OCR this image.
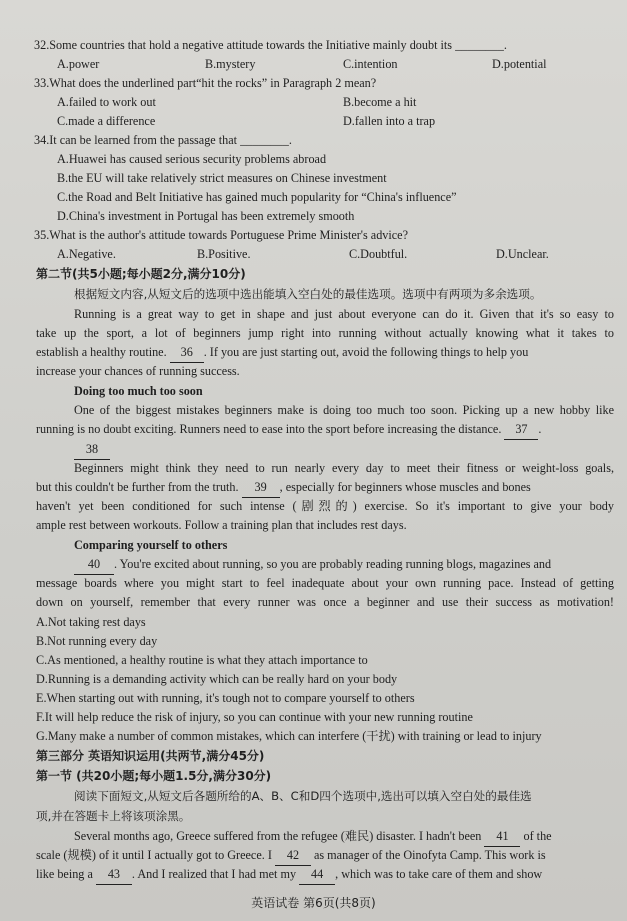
32.Some countries that hold a negative attitude towards the Initiative mainly doubt its ________.
A.power	B.mystery	C.intention	D.potential
33.What does the underlined part“hit the rocks” in Paragraph 2 mean?
A.failed to work out	B.become a hit
C.made a difference	D.fallen into a trap
34.It can be learned from the passage that ________.
A.Huawei has caused serious security problems abroad
B.the EU will take relatively strict measures on Chinese investment
C.the Road and Belt Initiative has gained much popularity for “China's influence”
D.China's investment in Portugal has been extremely smooth
35.What is the author's attitude towards Portuguese Prime Minister's advice?
A.Negative.	B.Positive.	C.Doubtful.	D.Unclear.
第二节(共5小题;每小题2分,满分10分)
根据短文内容,从短文后的选项中选出能填入空白处的最佳选项。选项中有两项为多余选项。
Running is a great way to get in shape and just about everyone can do it. Given that it's so easy to
take up the sport, a lot of beginners jump right into running without actually knowing what it takes to
establish a healthy routine. 36 . If you are just starting out, avoid the following things to help you
increase your chances of running success.
Doing too much too soon
One of the biggest mistakes beginners make is doing too much too soon. Picking up a new hobby like
running is no doubt exciting. Runners need to ease into the sport before increasing the distance. 37 .
38
Beginners might think they need to run nearly every day to meet their fitness or weight-loss goals,
but this couldn't be further from the truth. 39 , especially for beginners whose muscles and bones
haven't yet been conditioned for such intense (剧烈的) exercise. So it's important to give your body
ample rest between workouts. Follow a training plan that includes rest days.
Comparing yourself to others
40 . You're excited about running, so you are probably reading running blogs, magazines and
message boards where you might start to feel inadequate about your own running pace. Instead of getting
down on yourself, remember that every runner was once a beginner and use their success as motivation!
A.Not taking rest days
B.Not running every day
C.As mentioned, a healthy routine is what they attach importance to
D.Running is a demanding activity which can be really hard on your body
E.When starting out with running, it's tough not to compare yourself to others
F.It will help reduce the risk of injury, so you can continue with your new running routine
G.Many make a number of common mistakes, which can interfere (干扰) with training or lead to injury
第三部分 英语知识运用(共两节,满分45分)
第一节 (共20小题;每小题1.5分,满分30分)
阅读下面短文,从短文后各题所给的A、B、C和D四个选项中,选出可以填入空白处的最佳选
项,并在答题卡上将该项涂黑。
Several months ago, Greece suffered from the refugee (难民) disaster. I hadn't been 41 of the
scale (规模) of it until I actually got to Greece. I 42 as manager of the Oinofyta Camp. This work is
like being a 43 . And I realized that I had met my 44 , which was to take care of them and show
英语试卷 第6页(共8页)
